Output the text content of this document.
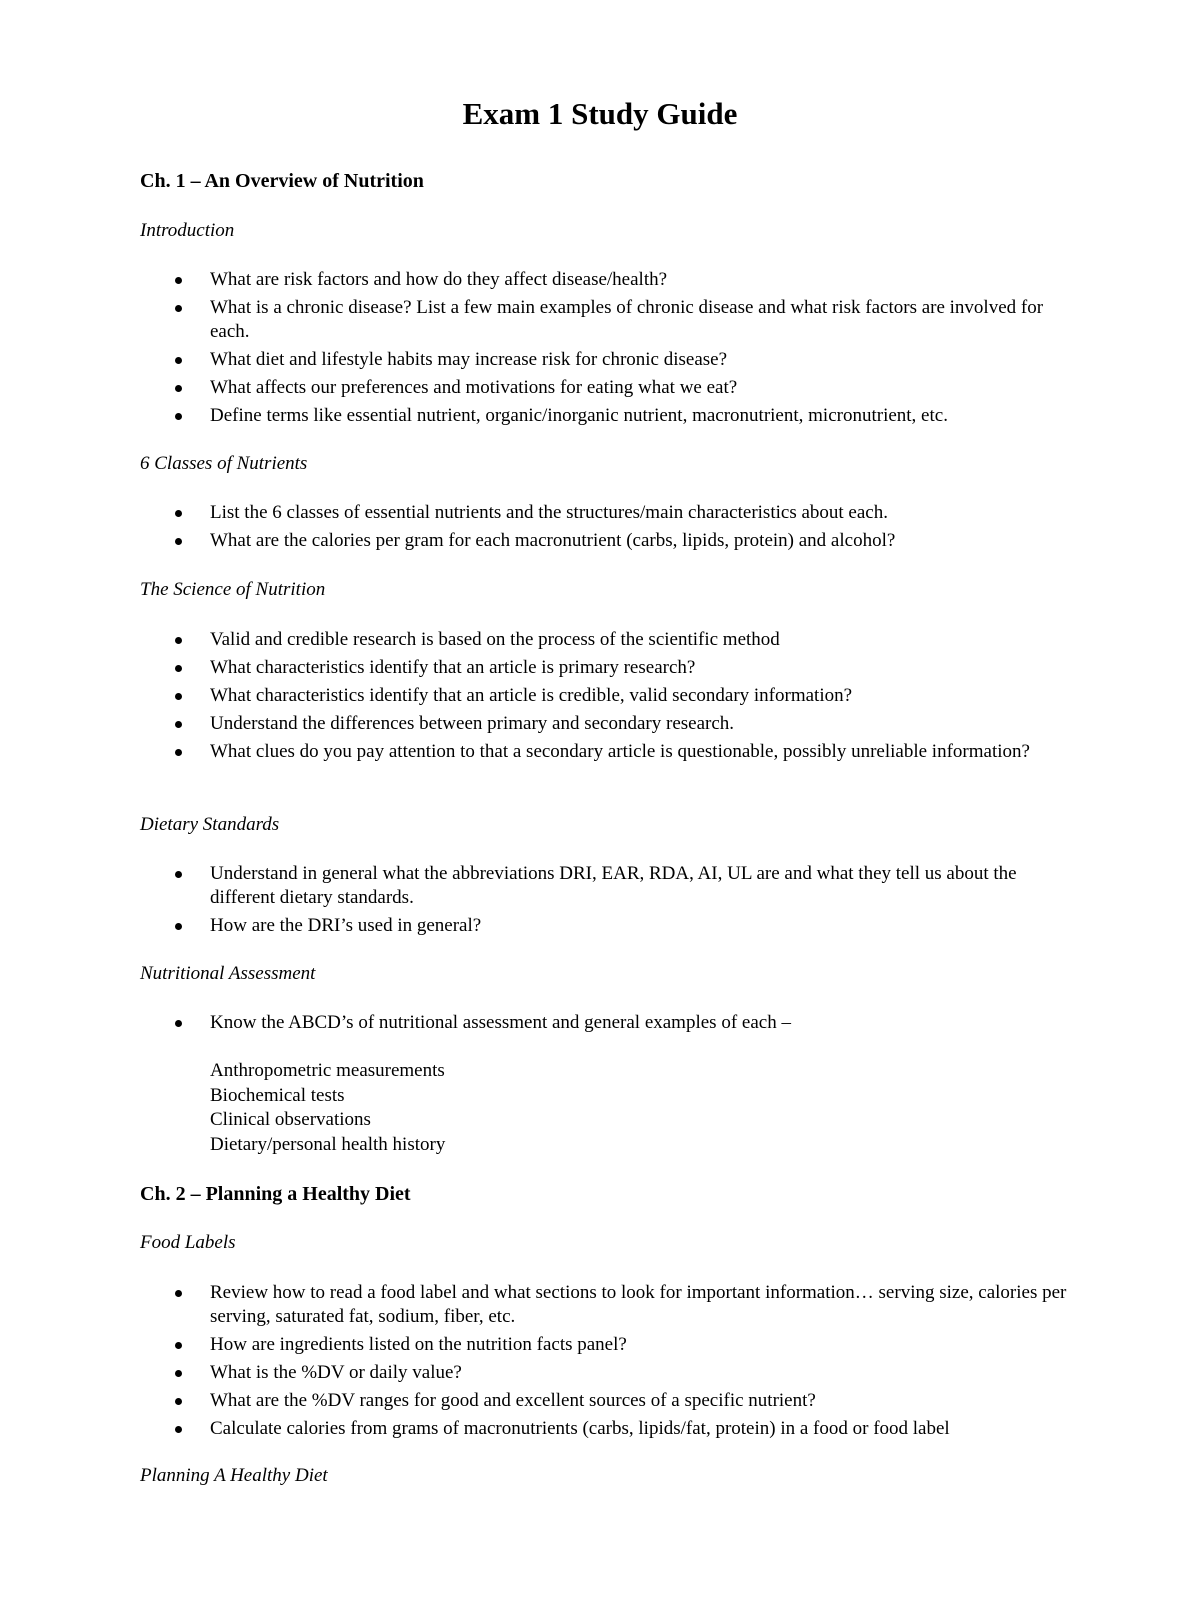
Exam 1 Study Guide
Ch. 1 – An Overview of Nutrition
Introduction
What are risk factors and how do they affect disease/health?
What is a chronic disease? List a few main examples of chronic disease and what risk factors are involved for each.
What diet and lifestyle habits may increase risk for chronic disease?
What affects our preferences and motivations for eating what we eat?
Define terms like essential nutrient, organic/inorganic nutrient, macronutrient, micronutrient, etc.
6 Classes of Nutrients
List the 6 classes of essential nutrients and the structures/main characteristics about each.
What are the calories per gram for each macronutrient (carbs, lipids, protein) and alcohol?
The Science of Nutrition
Valid and credible research is based on the process of the scientific method
What characteristics identify that an article is primary research?
What characteristics identify that an article is credible, valid secondary information?
Understand the differences between primary and secondary research.
What clues do you pay attention to that a secondary article is questionable, possibly unreliable information?
Dietary Standards
Understand in general what the abbreviations DRI, EAR, RDA, AI, UL are and what they tell us about the different dietary standards.
How are the DRI’s used in general?
Nutritional Assessment
Know the ABCD’s of nutritional assessment and general examples of each –
Anthropometric measurements
Biochemical tests
Clinical observations
Dietary/personal health history
Ch. 2 – Planning a Healthy Diet
Food Labels
Review how to read a food label and what sections to look for important information… serving size, calories per serving, saturated fat, sodium, fiber, etc.
How are ingredients listed on the nutrition facts panel?
What is the %DV or daily value?
What are the %DV ranges for good and excellent sources of a specific nutrient?
Calculate calories from grams of macronutrients (carbs, lipids/fat, protein) in a food or food label
Planning A Healthy Diet
